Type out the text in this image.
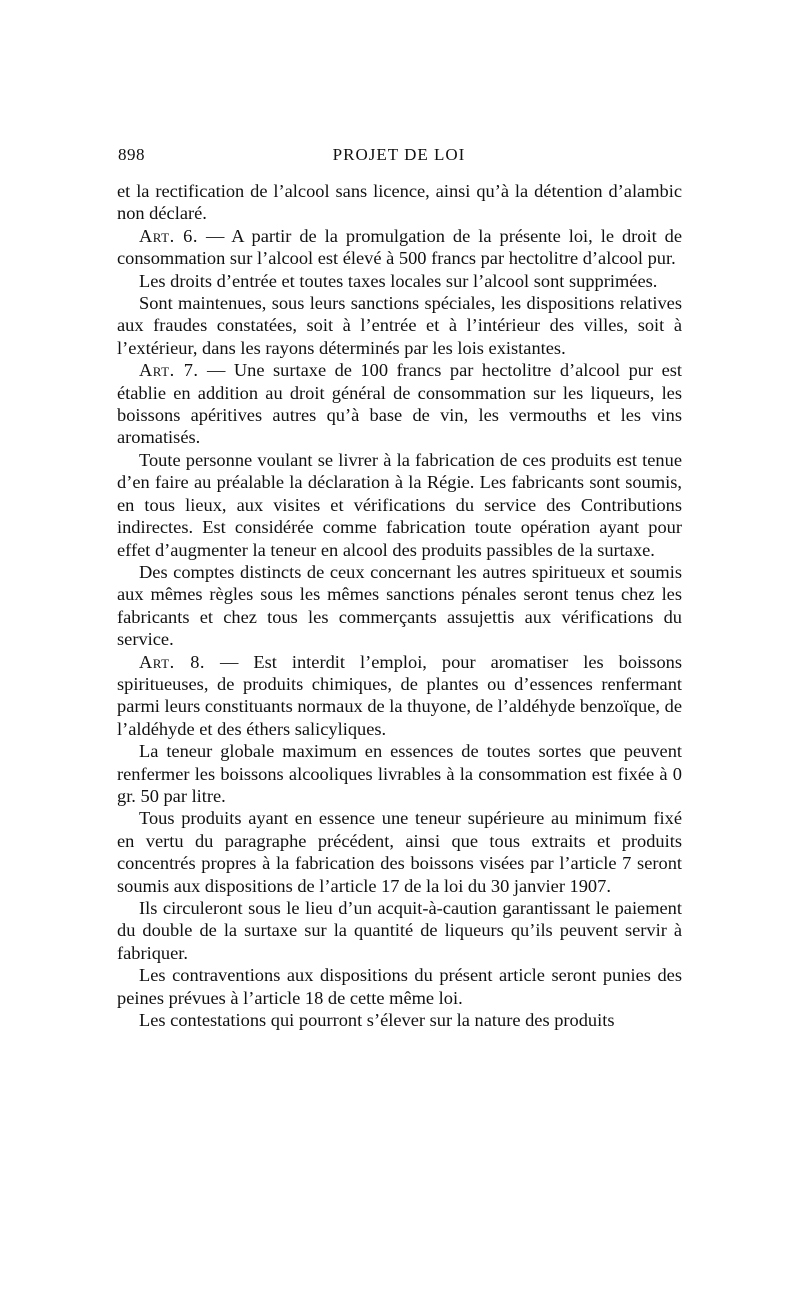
898	PROJET DE LOI

et la rectification de l’alcool sans licence, ainsi qu’à la détention d’alambic non déclaré.

Art. 6. — A partir de la promulgation de la présente loi, le droit de consommation sur l’alcool est élevé à 500 francs par hectolitre d’alcool pur.

Les droits d’entrée et toutes taxes locales sur l’alcool sont supprimées.

Sont maintenues, sous leurs sanctions spéciales, les dispositions relatives aux fraudes constatées, soit à l’entrée et à l’intérieur des villes, soit à l’extérieur, dans les rayons déterminés par les lois existantes.

Art. 7. — Une surtaxe de 100 francs par hectolitre d’alcool pur est établie en addition au droit général de consommation sur les liqueurs, les boissons apéritives autres qu’à base de vin, les vermouths et les vins aromatisés.

Toute personne voulant se livrer à la fabrication de ces produits est tenue d’en faire au préalable la déclaration à la Régie. Les fabricants sont soumis, en tous lieux, aux visites et vérifications du service des Contributions indirectes. Est considérée comme fabrication toute opération ayant pour effet d’augmenter la teneur en alcool des produits passibles de la surtaxe.

Des comptes distincts de ceux concernant les autres spiritueux et soumis aux mêmes règles sous les mêmes sanctions pénales seront tenus chez les fabricants et chez tous les commerçants assujettis aux vérifications du service.

Art. 8. — Est interdit l’emploi, pour aromatiser les boissons spiritueuses, de produits chimiques, de plantes ou d’essences renfermant parmi leurs constituants normaux de la thuyone, de l’aldéhyde benzoïque, de l’aldéhyde et des éthers salicyliques.

La teneur globale maximum en essences de toutes sortes que peuvent renfermer les boissons alcooliques livrables à la consommation est fixée à 0 gr. 50 par litre.

Tous produits ayant en essence une teneur supérieure au minimum fixé en vertu du paragraphe précédent, ainsi que tous extraits et produits concentrés propres à la fabrication des boissons visées par l’article 7 seront soumis aux dispositions de l’article 17 de la loi du 30 janvier 1907.

Ils circuleront sous le lieu d’un acquit-à-caution garantissant le paiement du double de la surtaxe sur la quantité de liqueurs qu’ils peuvent servir à fabriquer.

Les contraventions aux dispositions du présent article seront punies des peines prévues à l’article 18 de cette même loi.

Les contestations qui pourront s’élever sur la nature des produits
